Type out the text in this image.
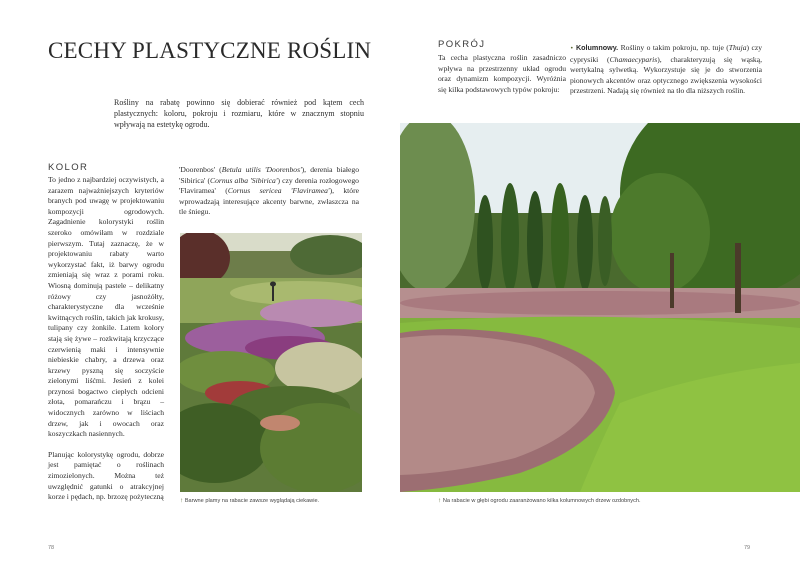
CECHY PLASTYCZNE ROŚLIN

Rośliny na rabatę powinno się dobierać również pod kątem cech plastycznych: koloru, pokroju i rozmiaru, które w znacznym stopniu wpływają na estetykę ogrodu.

KOLOR

To jedno z najbardziej oczywistych, a zarazem najważniejszych kryteriów branych pod uwagę w projektowaniu kompozycji ogrodowych. Zagadnienie kolorystyki roślin szeroko omówiłam w rozdziale pierwszym. Tutaj zaznaczę, że w projektowaniu rabaty warto wykorzystać fakt, iż barwy ogrodu zmieniają się wraz z porami roku. Wiosną dominują pastele – delikatny różowy czy jasnożółty, charakterystyczne dla wcześnie kwitnących roślin, takich jak krokusy, tulipany czy żonkile. Latem kolory stają się żywe – rozkwitają krzyczące czerwienią maki i intensywnie niebieskie chabry, a drzewa oraz krzewy pyszną się soczyście zielonymi liśćmi. Jesień z kolei przynosi bogactwo ciepłych odcieni złota, pomarańczu i brązu – widocznych zarówno w liściach drzew, jak i owocach oraz koszyczkach nasiennych.

Planując kolorystykę ogrodu, dobrze jest pamiętać o roślinach zimozielonych. Można też uwzględnić gatunki o atrakcyjnej korze i pędach, np. brzozę pożyteczną

'Doorenbos' (Betula utilis 'Doorenbos'), derenia białego 'Sibirica' (Cornus alba 'Sibirica') czy derenia rozłogowego 'Flaviramea' (Cornus sericea 'Flaviramea'), które wprowadzają interesujące akcenty barwne, zwłaszcza na tle śniegu.
POKRÓJ

Ta cecha plastyczna roślin zasadniczo wpływa na przestrzenny układ ogrodu oraz dynamizm kompozycji. Wyróżnia się kilka podstawowych typów pokroju:

• Kolumnowy. Rośliny o takim pokroju, np. tuje (Thuja) czy cyprysiki (Chamaecyparis), charakteryzują się wąską, wertykalną sylwetką. Wykorzystuje się je do stworzenia pionowych akcentów oraz optycznego zwiększenia wysokości przestrzeni. Nadają się również na tło dla niższych roślin.

↑ Barwne plamy na rabacie zawsze wyglądają ciekawie.	↑ Na rabacie w głębi ogrodu zaaranżowano kilka kolumnowych drzew ozdobnych.
78	79
